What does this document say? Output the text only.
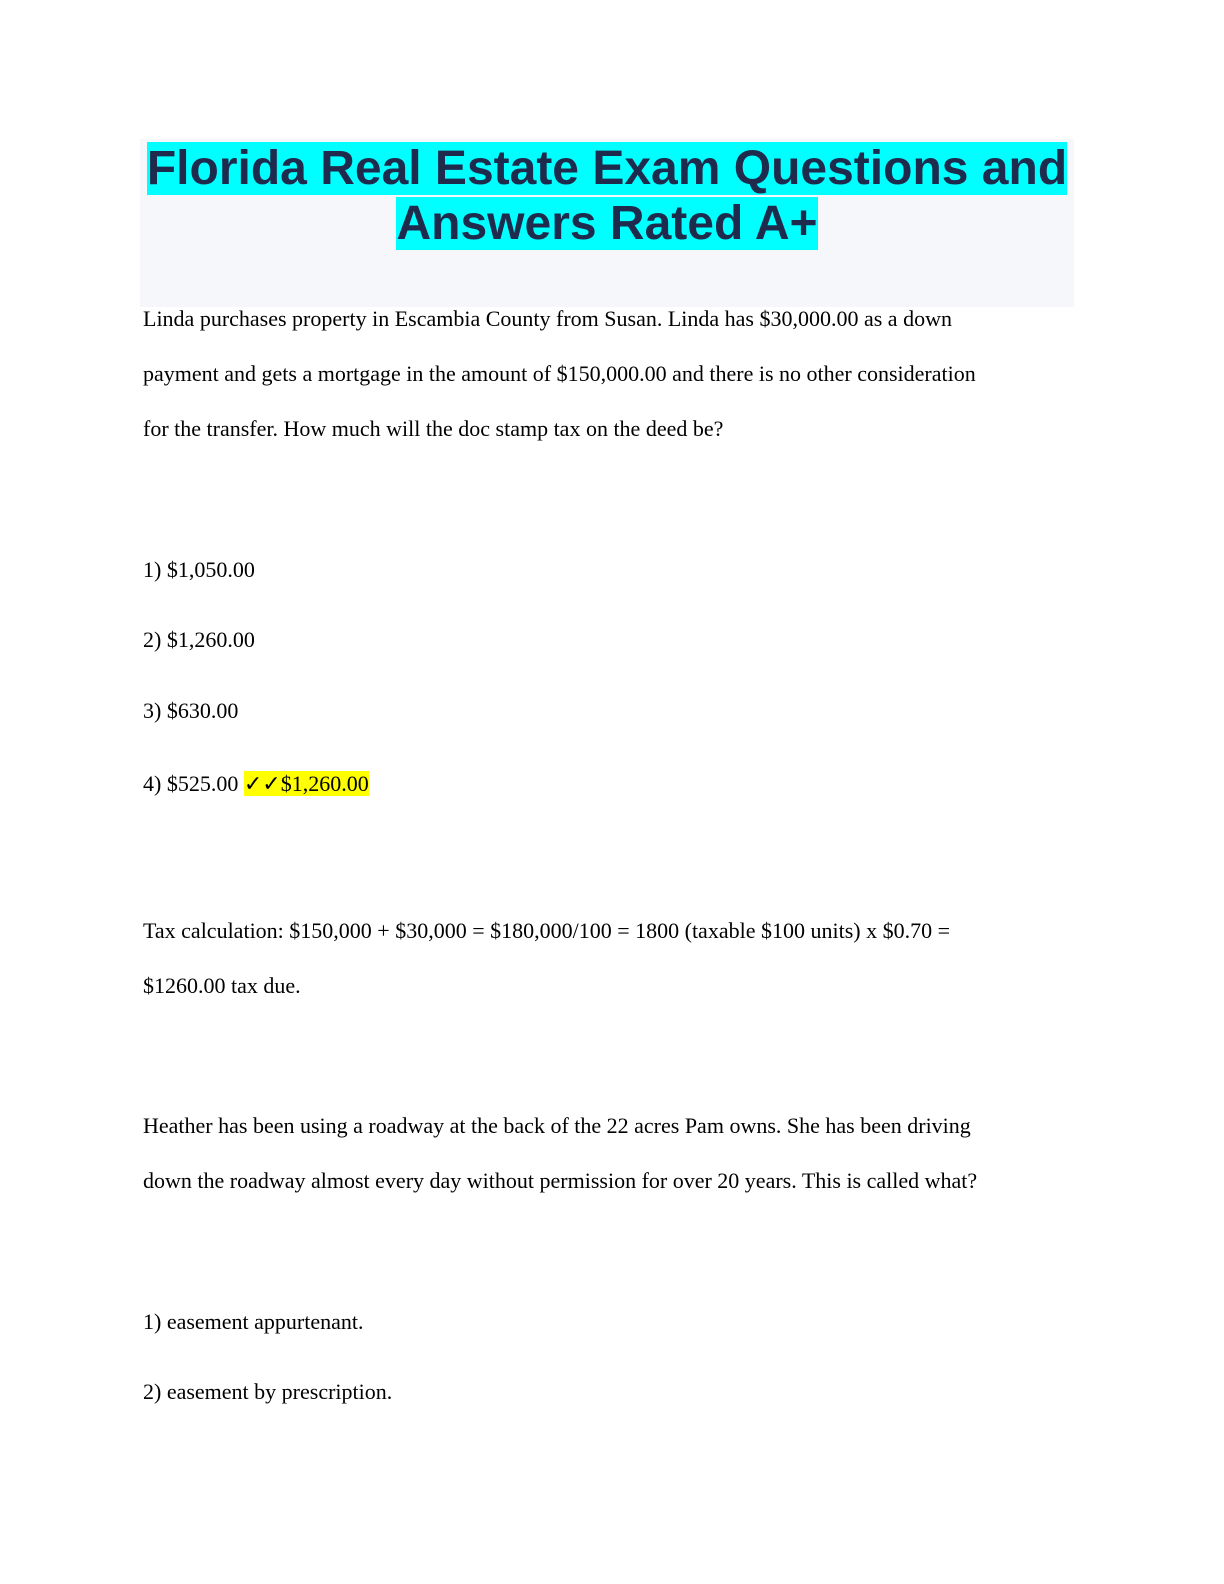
Florida Real Estate Exam Questions and
Answers Rated A+

Linda purchases property in Escambia County from Susan. Linda has $30,000.00 as a down

payment and gets a mortgage in the amount of $150,000.00 and there is no other consideration

for the transfer. How much will the doc stamp tax on the deed be?

1) $1,050.00

2) $1,260.00

3) $630.00

4) $525.00 ✓✓$1,260.00

Tax calculation: $150,000 + $30,000 = $180,000/100 = 1800 (taxable $100 units) x $0.70 =

$1260.00 tax due.

Heather has been using a roadway at the back of the 22 acres Pam owns. She has been driving

down the roadway almost every day without permission for over 20 years. This is called what?

1) easement appurtenant.

2) easement by prescription.
